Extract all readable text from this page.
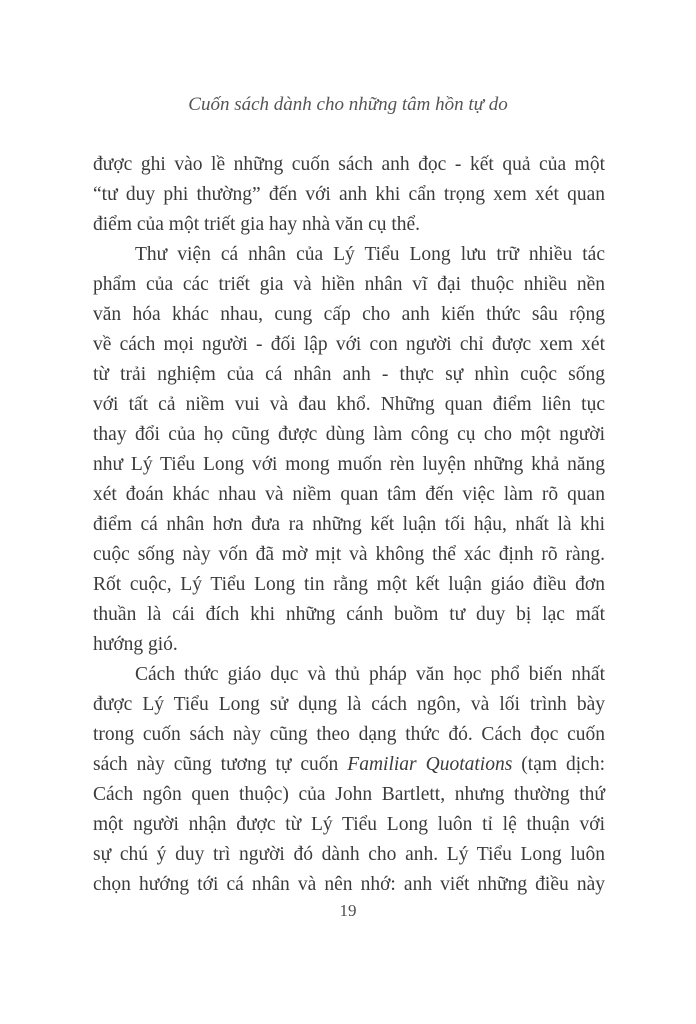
Cuốn sách dành cho những tâm hồn tự do
được ghi vào lề những cuốn sách anh đọc - kết quả của một
“tư duy phi thường” đến với anh khi cẩn trọng xem xét quan
điểm của một triết gia hay nhà văn cụ thể.
Thư viện cá nhân của Lý Tiểu Long lưu trữ nhiều tác
phẩm của các triết gia và hiền nhân vĩ đại thuộc nhiều nền
văn hóa khác nhau, cung cấp cho anh kiến thức sâu rộng
về cách mọi người - đối lập với con người chỉ được xem xét
từ trải nghiệm của cá nhân anh - thực sự nhìn cuộc sống
với tất cả niềm vui và đau khổ. Những quan điểm liên tục
thay đổi của họ cũng được dùng làm công cụ cho một người
như Lý Tiểu Long với mong muốn rèn luyện những khả năng
xét đoán khác nhau và niềm quan tâm đến việc làm rõ quan
điểm cá nhân hơn đưa ra những kết luận tối hậu, nhất là khi
cuộc sống này vốn đã mờ mịt và không thể xác định rõ ràng.
Rốt cuộc, Lý Tiểu Long tin rằng một kết luận giáo điều đơn
thuần là cái đích khi những cánh buồm tư duy bị lạc mất
hướng gió.
Cách thức giáo dục và thủ pháp văn học phổ biến nhất
được Lý Tiểu Long sử dụng là cách ngôn, và lối trình bày
trong cuốn sách này cũng theo dạng thức đó. Cách đọc cuốn
sách này cũng tương tự cuốn Familiar Quotations (tạm dịch:
Cách ngôn quen thuộc) của John Bartlett, nhưng thường thứ
một người nhận được từ Lý Tiểu Long luôn tỉ lệ thuận với
sự chú ý duy trì người đó dành cho anh. Lý Tiểu Long luôn
chọn hướng tới cá nhân và nên nhớ: anh viết những điều này
19
